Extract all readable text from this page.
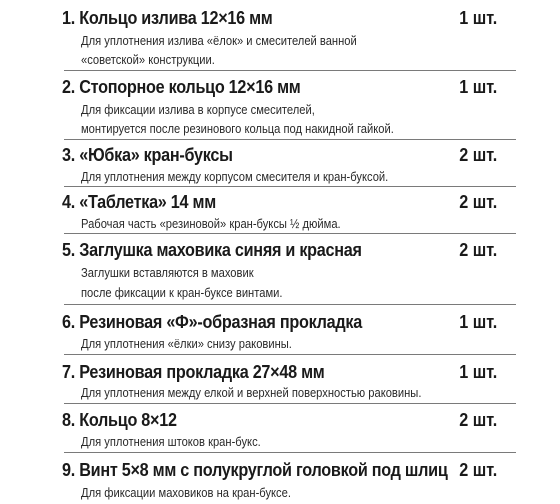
1. Кольцо излива 12×16 мм	1 шт.
Для уплотнения излива «ёлок» и смесителей ванной
«советской» конструкции.
2. Стопорное кольцо 12×16 мм	1 шт.
Для фиксации излива в корпусе смесителей,
монтируется после резинового кольца под накидной гайкой.
3. «Юбка» кран-буксы	2 шт.
Для уплотнения между корпусом смесителя и кран-буксой.
4. «Таблетка» 14 мм	2 шт.
Рабочая часть «резиновой» кран-буксы ½ дюйма.
5. Заглушка маховика синяя и красная	2 шт.
Заглушки вставляются в маховик
после фиксации к кран-буксе винтами.
6. Резиновая «Ф»-образная прокладка	1 шт.
Для уплотнения «ёлки» снизу раковины.
7. Резиновая прокладка 27×48 мм	1 шт.
Для уплотнения между елкой и верхней поверхностью раковины.
8. Кольцо 8×12	2 шт.
Для уплотнения штоков кран-букс.
9. Винт 5×8 мм с полукруглой головкой под шлиц 2 шт.
Для фиксации маховиков на кран-буксе.
